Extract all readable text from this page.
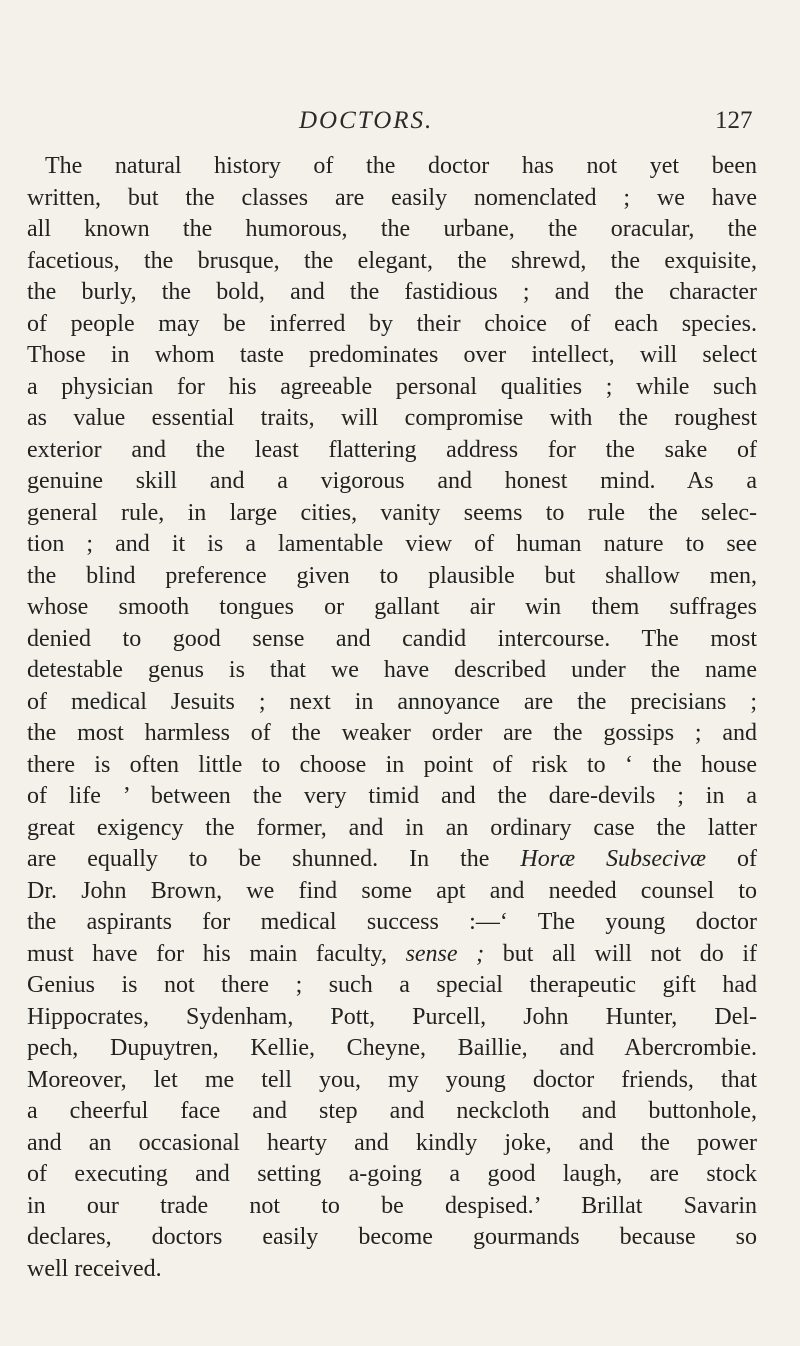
DOCTORS.	127
The natural history of the doctor has not yet been
written, but the classes are easily nomenclated ; we have
all known the humorous, the urbane, the oracular, the
facetious, the brusque, the elegant, the shrewd, the exquisite,
the burly, the bold, and the fastidious ; and the character
of people may be inferred by their choice of each species.
Those in whom taste predominates over intellect, will select
a physician for his agreeable personal qualities ; while such
as value essential traits, will compromise with the roughest
exterior and the least flattering address for the sake of
genuine skill and a vigorous and honest mind. As a
general rule, in large cities, vanity seems to rule the selec-
tion ; and it is a lamentable view of human nature to see
the blind preference given to plausible but shallow men,
whose smooth tongues or gallant air win them suffrages
denied to good sense and candid intercourse. The most
detestable genus is that we have described under the name
of medical Jesuits ; next in annoyance are the precisians ;
the most harmless of the weaker order are the gossips ; and
there is often little to choose in point of risk to ‘ the house
of life ’ between the very timid and the dare-devils ; in a
great exigency the former, and in an ordinary case the latter
are equally to be shunned. In the Horæ Subsecivæ of
Dr. John Brown, we find some apt and needed counsel to
the aspirants for medical success :—‘ The young doctor
must have for his main faculty, sense ; but all will not do if
Genius is not there ; such a special therapeutic gift had
Hippocrates, Sydenham, Pott, Purcell, John Hunter, Del-
pech, Dupuytren, Kellie, Cheyne, Baillie, and Abercrombie.
Moreover, let me tell you, my young doctor friends, that
a cheerful face and step and neckcloth and buttonhole,
and an occasional hearty and kindly joke, and the power
of executing and setting a-going a good laugh, are stock
in our trade not to be despised.’ Brillat Savarin
declares, doctors easily become gourmands because so
well received.
